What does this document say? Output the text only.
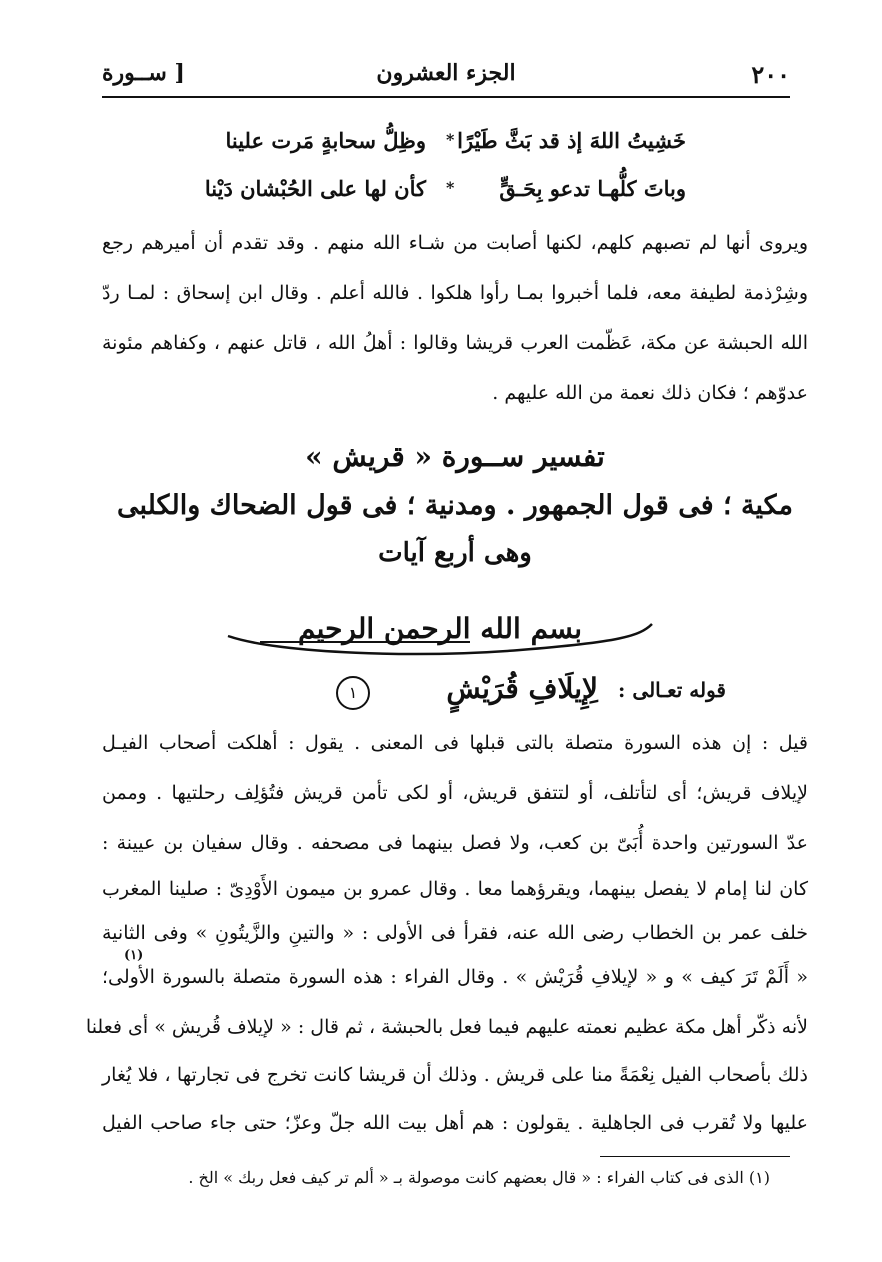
٢٠٠
الجزء العشرون
[ ســورة
خَشِيتُ اللهَ إذ قد بَثَّ طَيْرًا
*
وظِلُّ سحابةٍ مَرت علينا
وباتَ كلُّهـا تدعو بِحَـقٍّ
*
كأن لها على الحُبْشان دَيْنا
ويروى أنها لم تصبهم كلهم، لكنها أصابت من شـاء الله منهم . وقد تقدم أن أميرهم رجع
وشِرْذمة لطيفة معه، فلما أخبروا بمـا رأوا هلكوا . فالله أعلم . وقال ابن إسحاق : لمـا ردّ
الله الحبشة عن مكة، عَظّمت العرب قريشا وقالوا : أهلُ الله ، قاتل عنهم ، وكفاهم مئونة
عدوّهم ؛ فكان ذلك نعمة من الله عليهم .
تفسير ســورة « قريش »
مكية ؛ فى قول الجمهور . ومدنية ؛ فى قول الضحاك والكلبى
وهى أربع آيات
بسم الله الرحمن الرحيم
قوله تعـالى :
لِإِيلَافِ قُرَيْشٍ
١
قيل : إن هذه السورة متصلة بالتى قبلها فى المعنى . يقول : أهلكت أصحاب الفيـل
لإيلاف قريش؛ أى لتأتلف، أو لتتفق قريش، أو لكى تأمن قريش فتُؤلِف رحلتيها . وممن
عدّ السورتين واحدة أُبَىّ بن كعب، ولا فصل بينهما فى مصحفه . وقال سفيان بن عيينة :
كان لنا إمام لا يفصل بينهما، ويقرؤهما معا . وقال عمرو بن ميمون الأَوْدِىّ : صلينا المغرب
خلف عمر بن الخطاب رضى الله عنه، فقرأ فى الأولى : « والتينِ والزَّيتُونِ » وفى الثانية
(١)
« أَلَمْ تَرَ كيف » و « لإيلافِ قُرَيْش » . وقال الفراء : هذه السورة متصلة بالسورة الأولى؛
لأنه ذكّر أهل مكة عظيم نعمته عليهم فيما فعل بالحبشة ، ثم قال : « لإيلاف قُريش » أى فعلنا
ذلك بأصحاب الفيل نِعْمَةً منا على قريش . وذلك أن قريشا كانت تخرج فى تجارتها ، فلا يُغار
عليها ولا تُقرب فى الجاهلية . يقولون : هم أهل بيت الله جلّ وعزّ؛ حتى جاء صاحب الفيل
(١) الذى فى كتاب الفراء : « قال بعضهم كانت موصولة بـ « ألم تر كيف فعل ربك » الخ .
